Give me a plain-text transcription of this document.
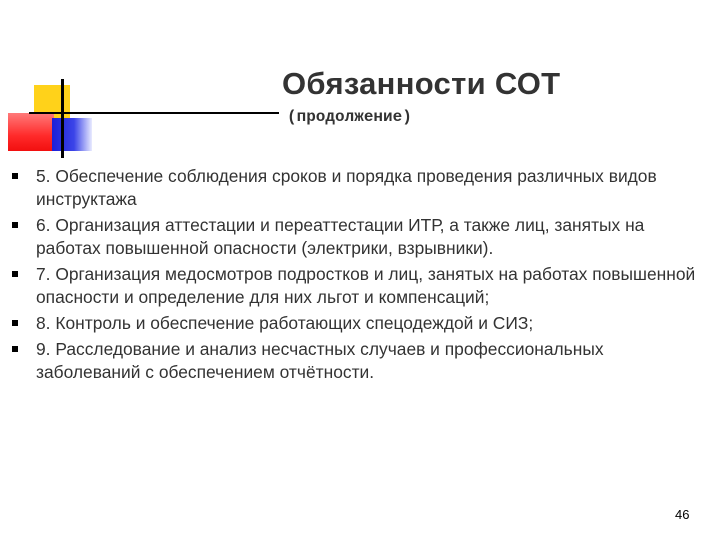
Обязанности СОТ
(продолжение)
5. Обеспечение соблюдения сроков и порядка проведения различных видов инструктажа
6. Организация аттестации и переаттестации ИТР, а также лиц, занятых на работах повышенной опасности (электрики, взрывники).
7. Организация медосмотров подростков и лиц, занятых на работах повышенной опасности и определение для них льгот и компенсаций;
8. Контроль и обеспечение работающих спецодеждой и СИЗ;
9. Расследование и анализ несчастных случаев и профессиональных заболеваний с обеспечением отчётности.
46
